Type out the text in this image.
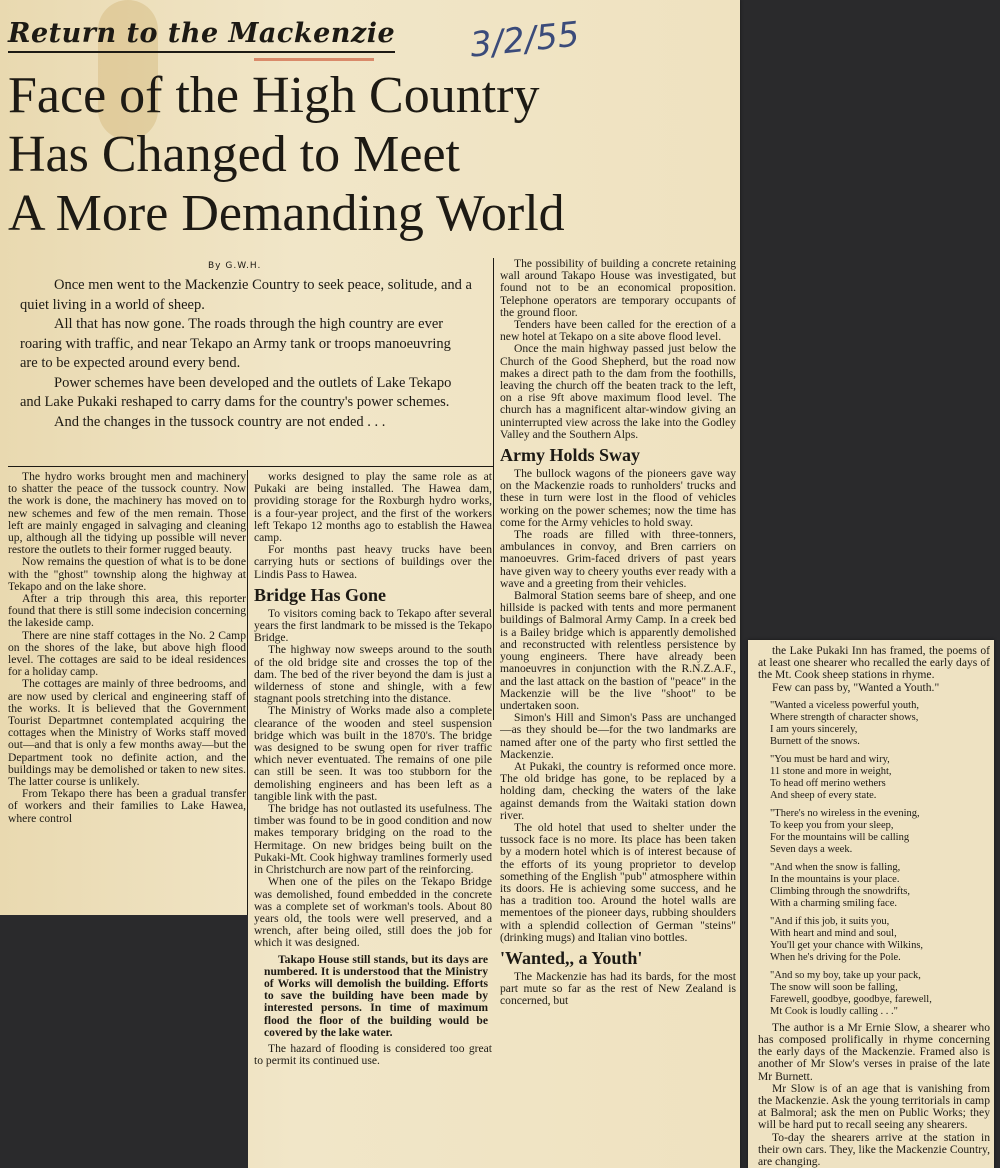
Return to the Mackenzie 3/2/55
Face of the High Country
Has Changed to Meet
A More Demanding World
By G.W.H.

Once men went to the Mackenzie Country to seek peace, solitude, and a quiet living in a world of sheep.

All that has now gone. The roads through the high country are ever roaring with traffic, and near Tekapo an Army tank or troops manoeuvring are to be expected around every bend.

Power schemes have been developed and the outlets of Lake Tekapo and Lake Pukaki reshaped to carry dams for the country's power schemes.

And the changes in the tussock country are not ended . . .

The hydro works brought men and machinery to shatter the peace of the tussock country. Now the work is done, the machinery has moved on to new schemes and few of the men remain. Those left are mainly engaged in salvaging and cleaning up, although all the tidying up possible will never restore the outlets to their former rugged beauty.

Now remains the question of what is to be done with the "ghost" township along the highway at Tekapo and on the lake shore.

After a trip through this area, this reporter found that there is still some indecision concerning the lakeside camp.

There are nine staff cottages in the No. 2 Camp on the shores of the lake, but above high flood level. The cottages are said to be ideal residences for a holiday camp.

The cottages are mainly of three bedrooms, and are now used by clerical and engineering staff of the works. It is believed that the Government Tourist Departmnet contemplated acquiring the cottages when the Ministry of Works staff moved out—and that is only a few months away—but the Department took no definite action, and the buildings may be demolished or taken to new sites. The latter course is unlikely.

From Tekapo there has been a gradual transfer of workers and their families to Lake Hawea, where control

works designed to play the same role as at Pukaki are being installed. The Hawea dam, providing storage for the Roxburgh hydro works, is a four-year project, and the first of the workers left Tekapo 12 months ago to establish the Hawea camp.

For months past heavy trucks have been carrying huts or sections of buildings over the Lindis Pass to Hawea.

Bridge Has Gone

To visitors coming back to Tekapo after several years the first landmark to be missed is the Tekapo Bridge.

The highway now sweeps around to the south of the old bridge site and crosses the top of the dam. The bed of the river beyond the dam is just a wilderness of stone and shingle, with a few stagnant pools stretching into the distance.

The Ministry of Works made also a complete clearance of the wooden and steel suspension bridge which was built in the 1870's. The bridge was designed to be swung open for river traffic which never eventuated. The remains of one pile can still be seen. It was too stubborn for the demolishing engineers and has been left as a tangible link with the past.

The bridge has not outlasted its usefulness. The timber was found to be in good condition and now makes temporary bridging on the road to the Hermitage. On new bridges being built on the Pukaki-Mt. Cook highway tramlines formerly used in Christchurch are now part of the reinforcing.

When one of the piles on the Tekapo Bridge was demolished, found embedded in the concrete was a complete set of workman's tools. About 80 years old, the tools were well preserved, and a wrench, after being oiled, still does the job for which it was designed.

Takapo House still stands, but its days are numbered. It is understood that the Ministry of Works will demolish the building. Efforts to save the building have been made by interested persons. In time of maximum flood the floor of the building would be covered by the lake water.

The hazard of flooding is considered too great to permit its continued use.

The possibility of building a concrete retaining wall around Takapo House was investigated, but found not to be an economical proposition. Telephone operators are temporary occupants of the ground floor.

Tenders have been called for the erection of a new hotel at Tekapo on a site above flood level.

Once the main highway passed just below the Church of the Good Shepherd, but the road now makes a direct path to the dam from the foothills, leaving the church off the beaten track to the left, on a rise 9ft above maximum flood level. The church has a magnificent altar-window giving an uninterrupted view across the lake into the Godley Valley and the Southern Alps.

Army Holds Sway

The bullock wagons of the pioneers gave way on the Mackenzie roads to runholders' trucks and these in turn were lost in the flood of vehicles working on the power schemes; now the time has come for the Army vehicles to hold sway.

The roads are filled with three-tonners, ambulances in convoy, and Bren carriers on manoeuvres. Grim-faced drivers of past years have given way to cheery youths ever ready with a wave and a greeting from their vehicles.

Balmoral Station seems bare of sheep, and one hillside is packed with tents and more permanent buildings of Balmoral Army Camp. In a creek bed is a Bailey bridge which is apparently demolished and reconstructed with relentless persistence by young engineers. There have already been manoeuvres in conjunction with the R.N.Z.A.F., and the last attack on the bastion of "peace" in the Mackenzie will be the live "shoot" to be undertaken soon.

Simon's Hill and Simon's Pass are unchanged—as they should be—for the two landmarks are named after one of the party who first settled the Mackenzie.

At Pukaki, the country is reformed once more. The old bridge has gone, to be replaced by a holding dam, checking the waters of the lake against demands from the Waitaki station down river.

The old hotel that used to shelter under the tussock face is no more. Its place has been taken by a modern hotel which is of interest because of the efforts of its young proprietor to develop something of the English "pub" atmosphere within its doors. He is achieving some success, and he has a tradition too. Around the hotel walls are mementoes of the pioneer days, rubbing shoulders with a splendid collection of German "steins" (drinking mugs) and Italian vino bottles.

'Wanted,, a Youth'

The Mackenzie has had its bards, for the most part mute so far as the rest of New Zealand is concerned, but

the Lake Pukaki Inn has framed, the poems of at least one shearer who recalled the early days of the Mt. Cook sheep stations in rhyme.

Few can pass by, "Wanted a Youth."

"Wanted a viceless powerful youth,
Where strength of character shows,
I am yours sincerely,
Burnett of the snows.

"You must be hard and wiry,
11 stone and more in weight,
To head off merino wethers
And sheep of every state.

"There's no wireless in the evening,
To keep you from your sleep,
For the mountains will be calling
Seven days a week.

"And when the snow is falling,
In the mountains is your place.
Climbing through the snowdrifts,
With a charming smiling face.

"And if this job, it suits you,
With heart and mind and soul,
You'll get your chance with Wilkins,
When he's driving for the Pole.

"And so my boy, take up your pack,
The snow will soon be falling,
Farewell, goodbye, goodbye, farewell,
Mt Cook is loudly calling . . ."

The author is a Mr Ernie Slow, a shearer who has composed prolifically in rhyme concerning the early days of the Mackenzie. Framed also is another of Mr Slow's verses in praise of the late Mr Burnett.

Mr Slow is of an age that is vanishing from the Mackenzie. Ask the young territorials in camp at Balmoral; ask the men on Public Works; they will be hard put to recall seeing any shearers.

To-day the shearers arrive at the station in their own cars. They, like the Mackenzie Country, are changing.
